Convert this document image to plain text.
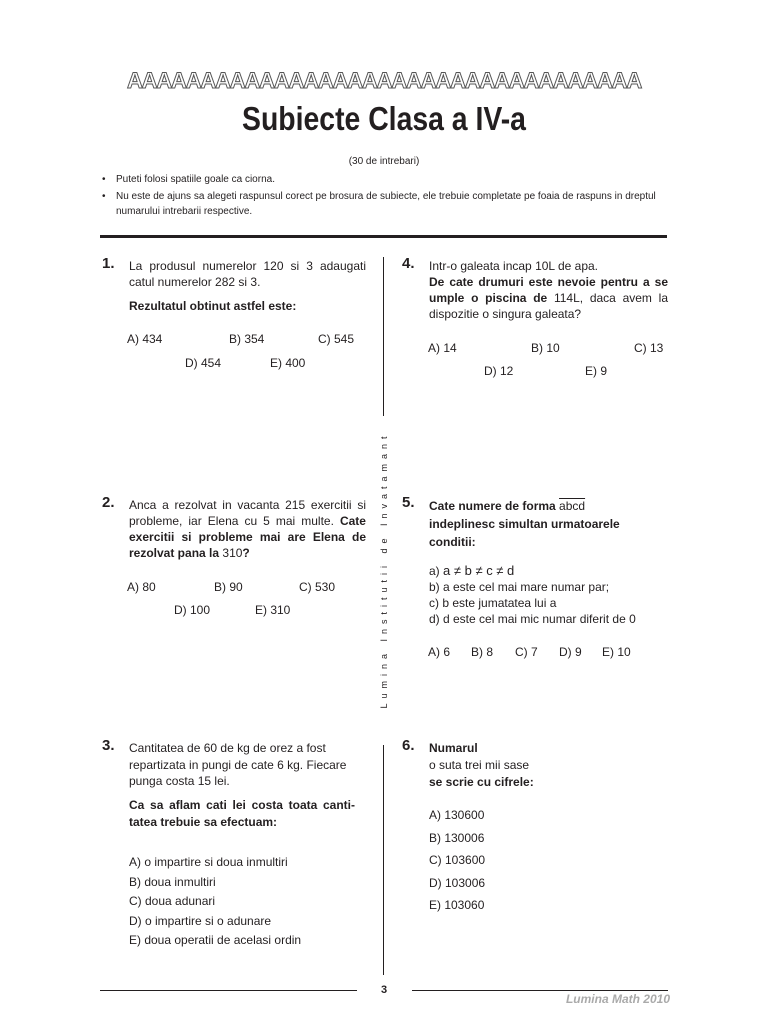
AAAAAAAAAAAAAAAAAAAAAAAAAAAAAAAAAAA
Subiecte Clasa a IV-a
(30 de intrebari)
• Puteti folosi spatiile goale ca ciorna.
• Nu este de ajuns sa alegeti raspunsul corect pe brosura de subiecte, ele trebuie completate pe foaia de raspuns in dreptul numarului intrebarii respective.
Lumina Institutii de Invatamant
1. La produsul numerelor 120 si 3 adaugati catul numerelor 282 si 3.
Rezultatul obtinut astfel este:
A) 434	B) 354	C) 545
D) 454	E) 400
4. Intr-o galeata incap 10L de apa.
De cate drumuri este nevoie pentru a se umple o piscina de 114L, daca avem la dispozitie o singura galeata?
A) 14	B) 10	C) 13
D) 12	E) 9
2. Anca a rezolvat in vacanta 215 exercitii si probleme, iar Elena cu 5 mai multe. Cate exercitii si probleme mai are Elena de rezolvat pana la 310?
A) 80	B) 90	C) 530
D) 100	E) 310
5. Cate numere de forma abcd
indeplinesc simultan urmatoarele conditii:
a) a ≠ b ≠ c ≠ d
b) a este cel mai mare numar par;
c) b este jumatatea lui a
d) d este cel mai mic numar diferit de 0
A) 6 B) 8 C) 7 D) 9 E) 10
3. Cantitatea de 60 de kg de orez a fost repartizata in pungi de cate 6 kg. Fiecare punga costa 15 lei.
Ca sa aflam cati lei costa toata canti-tatea trebuie sa efectuam:
A) o impartire si doua inmultiri
B) doua inmultiri
C) doua adunari
D) o impartire si o adunare
E) doua operatii de acelasi ordin
6. Numarul
o suta trei mii sase
se scrie cu cifrele:
A) 130600
B) 130006
C) 103600
D) 103006
E) 103060
3
Lumina Math 2010
